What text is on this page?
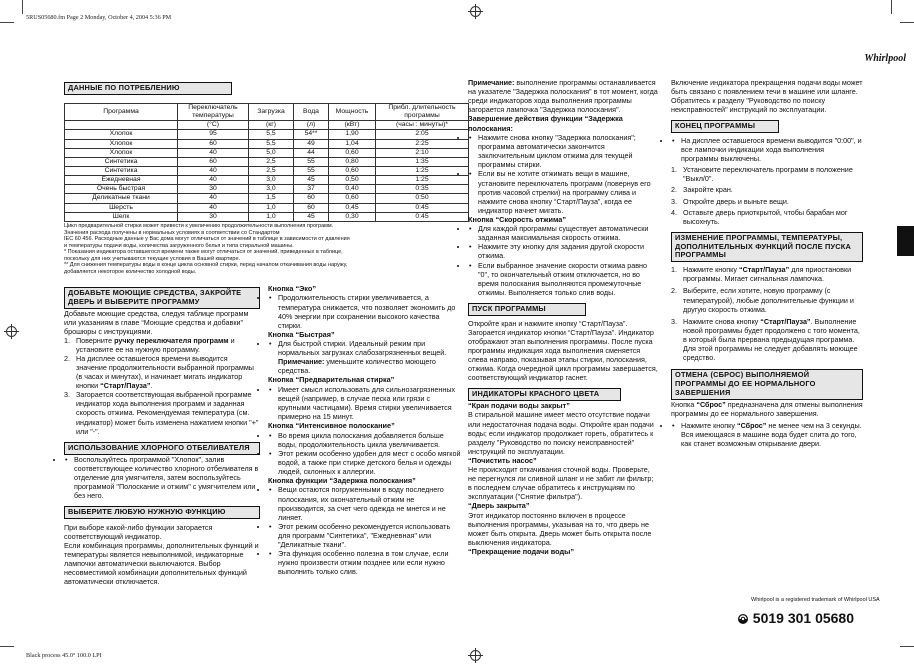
5RUS05680.fm Page 2 Monday, October 4, 2004 5:36 PM
Black process 45.0° 100.0 LPI
Whirlpool
ДАННЫЕ ПО ПОТРЕБЛЕНИЮ
Программа	Переключатель температуры	Загрузка	Вода	Мощность	Прибл. длительность программы
	(°C)	(кг)	(л)	(кВт)	(часы : минуты)*
Хлопок	95	5,5	54**	1,90	2:05
Хлопок	60	5,5	49	1,04	2:25
Хлопок	40	5,0	44	0,60	2:10
Синтетика	60	2,5	55	0,80	1:35
Синтетика	40	2,5	55	0,60	1:25
Ежедневная	40	3,0	45	0,50	1:25
Очень быстрая	30	3,0	37	0,40	0:35
Деликатные ткани	40	1,5	60	0,60	0:50
Шерсть	40	1,0	60	0,45	0:45
Шелк	30	1,0	45	0,30	0:45
Цикл предварительной стирки может привести к увеличению продолжительности выполнения программ.
Значения расхода получены в нормальных условиях в соответствии со Стандартом
IEC 60 456. Расходные данные у Вас дома могут отличаться от значений в таблице в зависимости от давления
и температуры подачи воды, количества загруженного белья и типа стиральной машины.
* Показания индикатора оставшегося времени также могут отличаться от значений, приведенных в таблице,
поскольку для них учитываются текущие условия в Вашей квартире.
** Для снижения температуры воды в конце цикла основной стирки, перед началом откачивания воды наружу,
добавляется некоторое количество холодной воды.
ДОБАВЬТЕ МОЮЩИЕ СРЕДСТВА, ЗАКРОЙТЕ ДВЕРЬ И ВЫБЕРИТЕ ПРОГРАММУ
Добавьте моющие средства, следуя таблице программ или указаниям в главе “Моющие средства и добавки” брошюры с инструкциями.
1. Поверните ручку переключателя программ и установите ее на нужную программу.
2. На дисплее оставшегося времени выводится значение продолжительности выбранной программы (в часах и минутах), и начинает мигать индикатор кнопки “Старт/Пауза”.
3. Загорается соответствующая выбранной программе индикатор хода выполнения программ и заданная скорость отжима. Рекомендуемая температура (см. индикатор) может быть изменена нажатием кнопки "+" или "-".
ИСПОЛЬЗОВАНИЕ ХЛОРНОГО ОТБЕЛИВАТЕЛЯ
• • Воспользуйтесь программой "Хлопок", залив соответствующее количество хлорного отбеливателя в отделение для умягчителя, затем воспользуйтесь программой "Полоскание и отжим" с умягчителем или без него.
ВЫБЕРИТЕ ЛЮБУЮ НУЖНУЮ ФУНКЦИЮ
При выборе какой-либо функции загорается соответствующий индикатор.
Если комбинация программы, дополнительных функций и температуры является невыполнимой, индикаторные лампочки автоматически выключаются. Выбор несовместимой комбинации дополнительных функций автоматически отключается.
Кнопка “Эко”
• • Продолжительность стирки увеличивается, а температура снижается, что позволяет экономить до 40% энергии при сохранении высокого качества стирки.
Кнопка “Быстрая”
• • Для быстрой стирки. Идеальный режим при нормальных загрузках слабозагрязненных вещей.
Примечание: уменьшите количество моющего средства.
Кнопка “Предварительная стирка”
• • Имеет смысл использовать для сильнозагрязненных вещей (например, в случае песка или грязи с крупными частицами). Время стирки увеличивается примерно на 15 минут.
Кнопка “Интенсивное полоскание”
• • Во время цикла полоскания добавляется больше воды, продолжительность цикла увеличивается.
• • Этот режим особенно удобен для мест с особо мягкой водой, а также при стирке детского белья и одежды людей, склонных к аллергии.
Кнопка функции “Задержка полоскания”
• • Вещи остаются погруженными в воду последнего полоскания, их окончательный отжим не производится, за счет чего одежда не мнется и не линяет.
• • Этот режим особенно рекомендуется использовать для программ "Синтетика", "Ежедневная" или "Деликатные ткани".
• • Эта функция особенно полезна в том случае, если нужно произвести отжим позднее или если нужно выполнить только слив.
Примечание: выполнение программы останавливается на указателе "Задержка полоскания" в тот момент, когда среди индикаторов хода выполнения программы загорается лампочка "Задержка полоскания".
Завершение действия функции “Задержка полоскания:
• • Нажмите снова кнопку "Задержка полоскания"; программа автоматически закончится заключительным циклом отжима для текущей программы стирки.
• • Если вы не хотите отжимать вещи в машине, установите переключатель программ (повернув его против часовой стрелки) на программу слива и нажмите снова кнопку “Старт/Пауза”, когда ее индикатор начнет мигать.
Кнопка “Скорость отжима”
• • Для каждой программы существует автоматически заданная максимальная скорость отжима.
• • Нажмите эту кнопку для задания другой скорости отжима.
• • Если выбранное значение скорости отжима равно "0", то окончательный отжим отключается, но во время полоскания выполняются промежуточные отжимы. Выполняется только слив воды.
ПУСК ПРОГРАММЫ
Откройте кран и нажмите кнопку “Старт/Пауза”. Загорается индикатор кнопки “Старт/Пауза”. Индикатор отображают этап выполнения программы. После пуска программы индикация хода выполнения сменяется слева направо, показывая этапы стирки, полоскания, отжима. Когда очередной цикл программы завершается, соответствующий индикатор гаснет.
ИНДИКАТОРЫ КРАСНОГО ЦВЕТА
“Кран подачи воды закрыт”
В стиральной машине имеет место отсутствие подачи или недостаточная подача воды. Откройте кран подачи воды; если индикатор продолжает гореть, обратитесь к разделу "Руководство по поиску неисправностей" инструкций по эксплуатации.
“Почистить насос”
Не происходит откачивания сточной воды. Проверьте, не перегнулся ли сливной шланг и не забит ли фильтр; в последнем случае обратитесь к инструкциям по эксплуатации ("Снятие фильтра").
“Дверь закрыта”
Этот индикатор постоянно включен в процессе выполнения программы, указывая на то, что дверь не может быть открыта. Дверь может быть открыта после выключения индикатора.
“Прекращение подачи воды”
Включение индикатора прекращения подачи воды может быть связано с появлением течи в машине или шланге. Обратитесь к разделу "Руководство по поиску неисправностей" инструкций по эксплуатации.
КОНЕЦ ПРОГРАММЫ
• • На дисплее оставшегося времени выводится "0:00", и все лампочки индикации хода выполнения программы выключены.
1. Установите переключатель программ в положение "Выкл/0".
2. Закройте кран.
3. Откройте дверь и выньте вещи.
4. Оставьте дверь приоткрытой, чтобы барабан мог высохнуть.
ИЗМЕНЕНИЕ ПРОГРАММЫ, ТЕМПЕРАТУРЫ, ДОПОЛНИТЕЛЬНЫХ ФУНКЦИЙ ПОСЛЕ ПУСКА ПРОГРАММЫ
1. Нажмите кнопку “Старт/Пауза” для приостановки программы. Мигает сигнальная лампочка.
2. Выберите, если хотите, новую программу (с температурой), любые дополнительные функции и другую скорость отжима.
3. Нажмите снова кнопку “Старт/Пауза”. Выполнение новой программы будет продолжено с того момента, в который была прервана предыдущая программа. Для этой программы не следует добавлять моющее средство.
ОТМЕНА (СБРОС) ВЫПОЛНЯЕМОЙ ПРОГРАММЫ ДО ЕЕ НОРМАЛЬНОГО ЗАВЕРШЕНИЯ
Кнопка “Сброс” предназначена для отмены выполнения программы до ее нормального завершения.
• • Нажмите кнопку “Сброс” не менее чем на 3 секунды. Вся имеющаяся в машине вода будет слита до того, как станет возможным открывание двери.
Whirlpool is a registered trademark of Whirlpool USA
5019 301 05680
